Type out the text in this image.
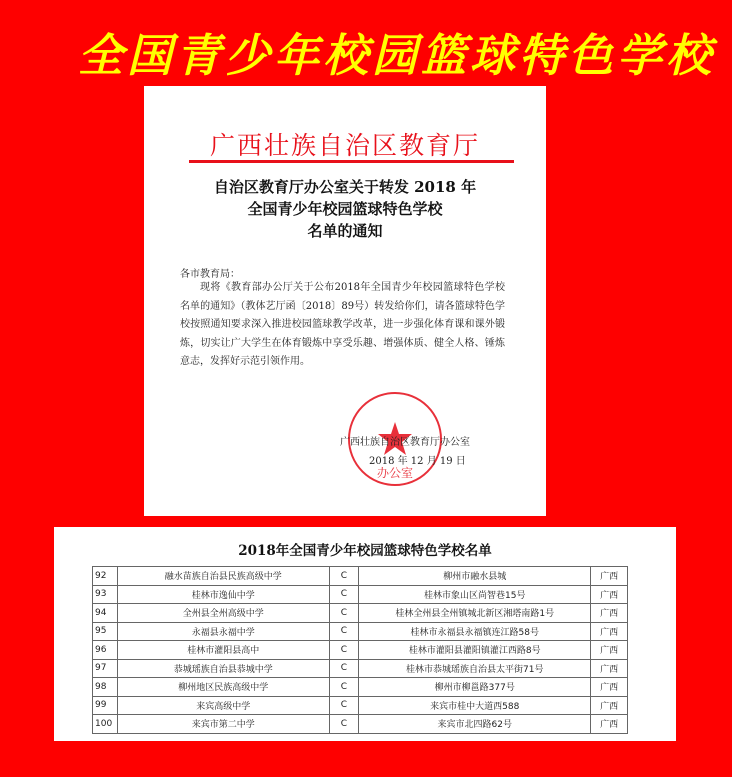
全国青少年校园篮球特色学校
广西壮族自治区教育厅
自治区教育厅办公室关于转发 2018 年
全国青少年校园篮球特色学校
名单的通知
各市教育局：
现将《教育部办公厅关于公布2018年全国青少年校园篮球特色学校名单的通知》（教体艺厅函〔2018〕89号）转发给你们，请各篮球特色学校按照通知要求深入推进校园篮球教学改革，进一步强化体育课和课外锻炼，切实让广大学生在体育锻炼中享受乐趣、增强体质、健全人格、锤炼意志，发挥好示范引领作用。
办公室
广西壮族自治区教育厅办公室
2018 年 12 月 19 日
2018年全国青少年校园篮球特色学校名单
92	融水苗族自治县民族高级中学	C	柳州市融水县城	广西
93	桂林市逸仙中学	C	桂林市象山区尚智巷15号	广西
94	全州县全州高级中学	C	桂林全州县全州镇城北新区湘塔南路1号	广西
95	永福县永福中学	C	桂林市永福县永福镇连江路58号	广西
96	桂林市灌阳县高中	C	桂林市灌阳县灌阳镇灌江西路8号	广西
97	恭城瑶族自治县恭城中学	C	桂林市恭城瑶族自治县太平街71号	广西
98	柳州地区民族高级中学	C	柳州市柳邕路377号	广西
99	来宾高级中学	C	来宾市桂中大道西588	广西
100	来宾市第二中学	C	来宾市北四路62号	广西
